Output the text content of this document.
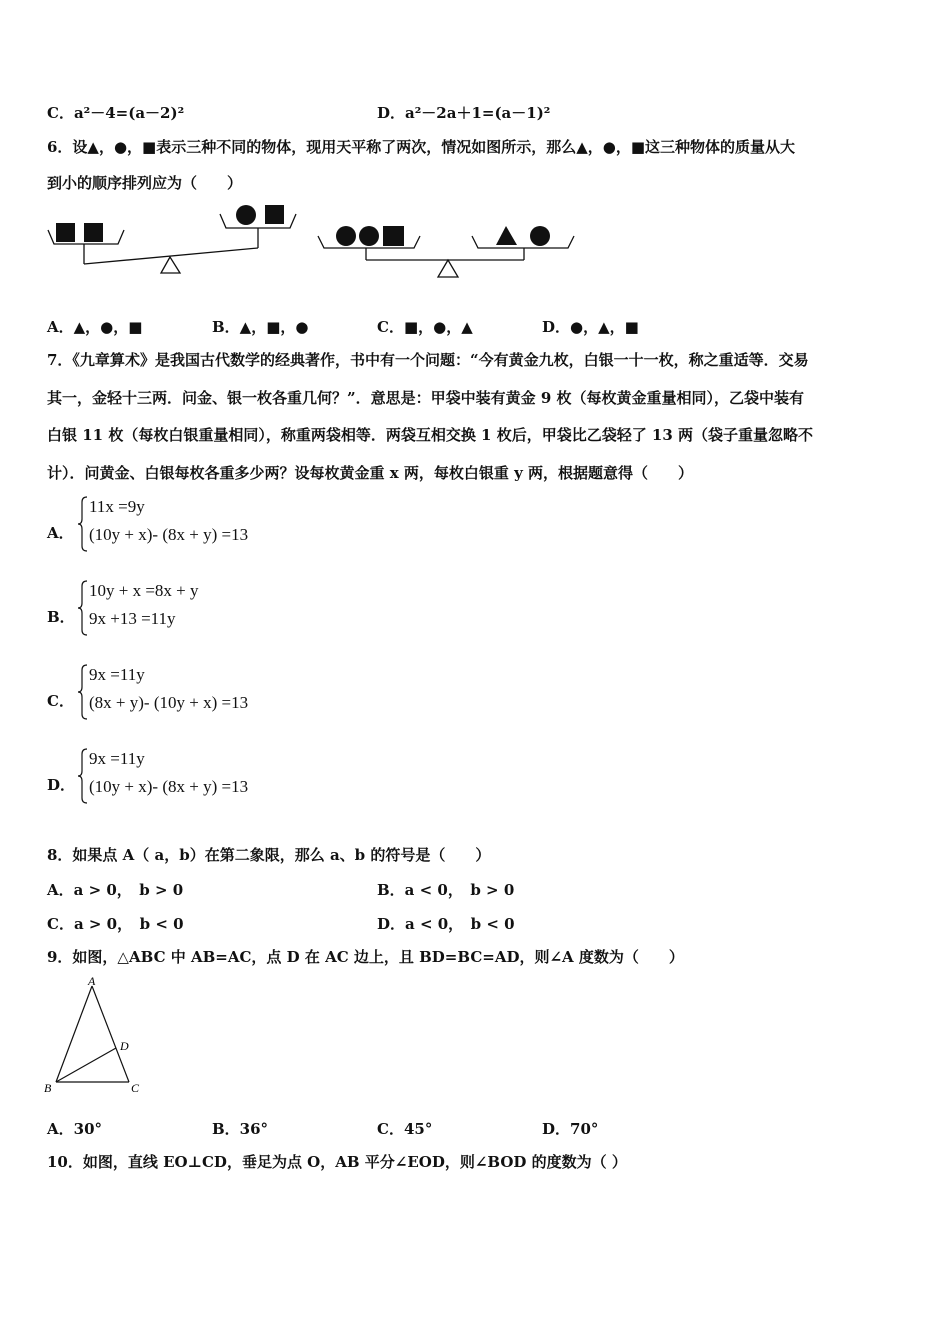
C．a²－4=(a－2)²	D．a²－2a＋1=(a－1)²
6．设▲，●，■表示三种不同的物体，现用天平称了两次，情况如图所示，那么▲，●，■这三种物体的质量从大
到小的顺序排列应为（　　）
A．▲，●，■	B．▲，■，●	C．■，●，▲	D．●，▲，■
7．《九章算术》是我国古代数学的经典著作，书中有一个问题：“今有黄金九枚，白银一十一枚，称之重适等．交易
其一，金轻十三两．问金、银一枚各重几何？”．意思是：甲袋中装有黄金 9 枚（每枚黄金重量相同），乙袋中装有
白银 11 枚（每枚白银重量相同），称重两袋相等．两袋互相交换 1 枚后，甲袋比乙袋轻了 13 两（袋子重量忽略不
计）．问黄金、白银每枚各重多少两？设每枚黄金重 x 两，每枚白银重 y 两，根据题意得（　　）
A．
11x =9y
(10y + x)- (8x + y) =13
B．
10y + x =8x + y
9x +13 =11y
C．
9x =11y
(8x + y)- (10y + x) =13
D．
9x =11y
(10y + x)- (8x + y) =13
8．如果点 A（ a，b）在第二象限，那么 a、b 的符号是（　　）
A．a > 0，　b > 0	B．a < 0，　b > 0
C．a > 0，　b < 0	D．a < 0，　b < 0
9．如图，△ABC 中 AB=AC，点 D 在 AC 边上，且 BD=BC=AD，则∠A 度数为（　　）
A
B	C
D
A．30°	B．36°	C．45°	D．70°
10．如图，直线 EO⊥CD，垂足为点 O，AB 平分∠EOD，则∠BOD 的度数为（ ）
